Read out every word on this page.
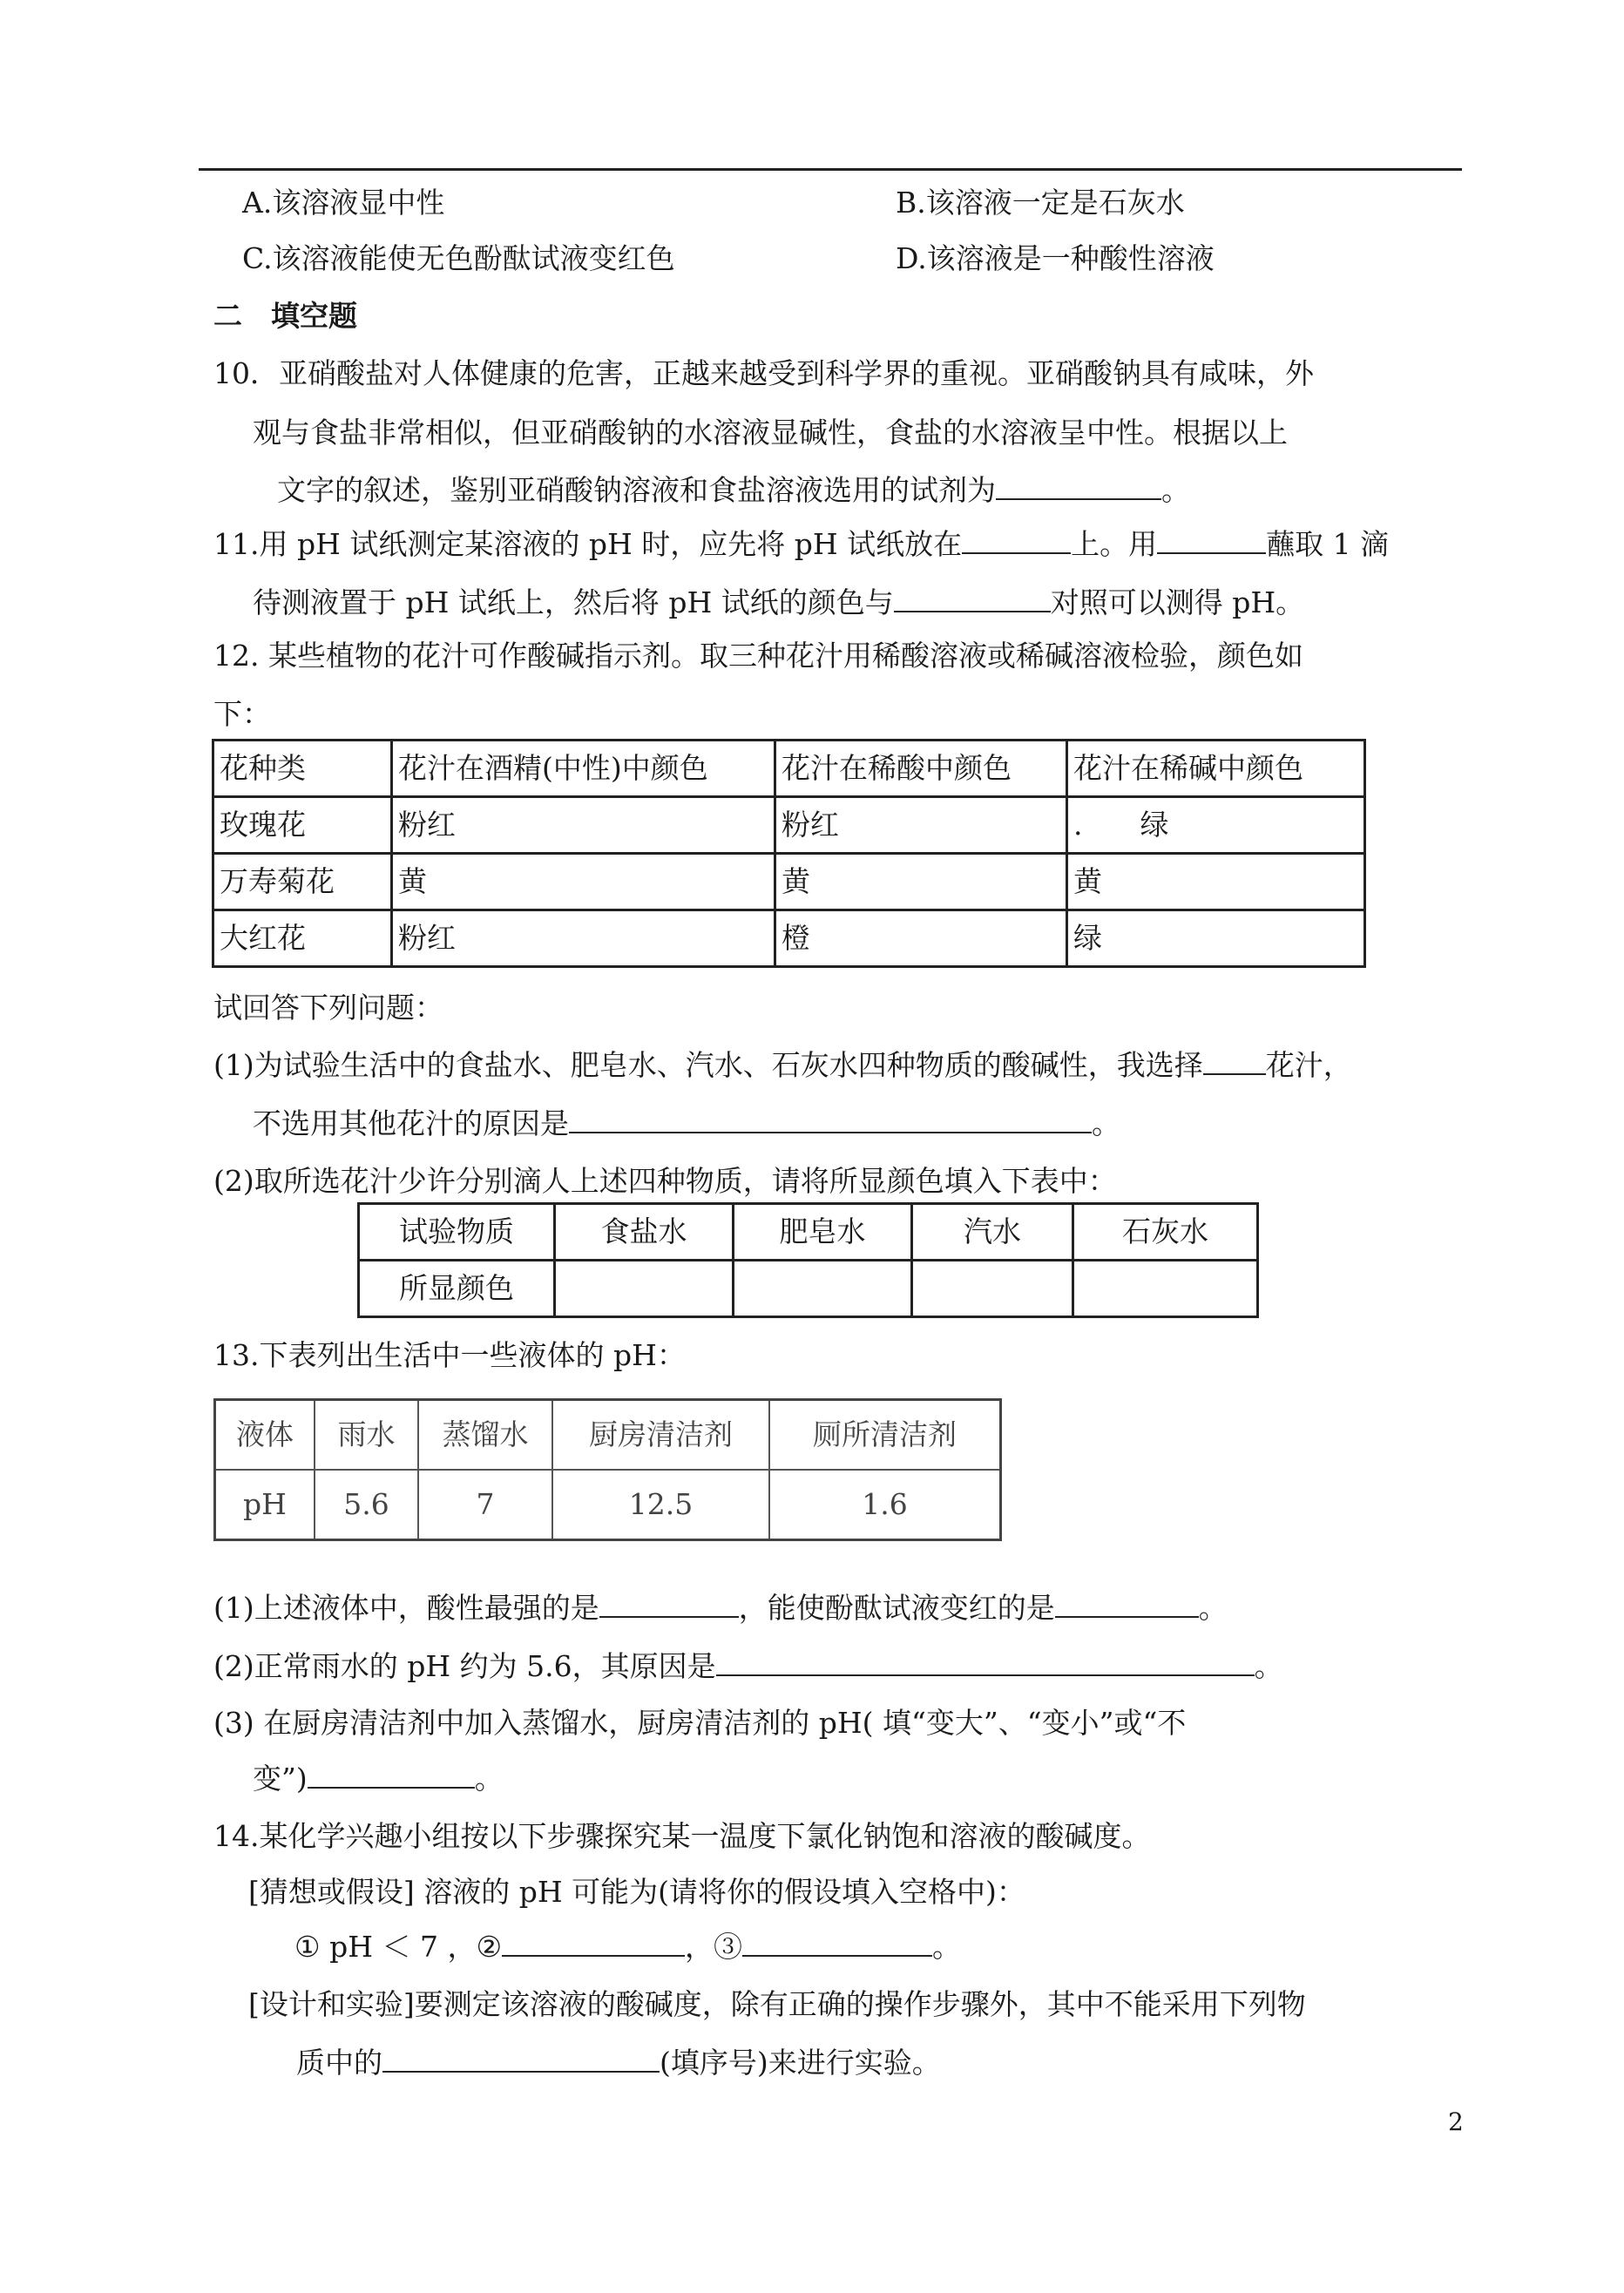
A.该溶液显中性	B.该溶液一定是石灰水
C.该溶液能使无色酚酞试液变红色	D.该溶液是一种酸性溶液
二　填空题
10．亚硝酸盐对人体健康的危害，正越来越受到科学界的重视。亚硝酸钠具有咸味，外
观与食盐非常相似，但亚硝酸钠的水溶液显碱性，食盐的水溶液呈中性。根据以上
文字的叙述，鉴别亚硝酸钠溶液和食盐溶液选用的试剂为	。
11.用 pH 试纸测定某溶液的 pH 时，应先将 pH 试纸放在	上。用	蘸取 1 滴
待测液置于 pH 试纸上，然后将 pH 试纸的颜色与	对照可以测得 pH。
12. 某些植物的花汁可作酸碱指示剂。取三种花汁用稀酸溶液或稀碱溶液检验，颜色如
下：
花种类	花汁在酒精(中性)中颜色	花汁在稀酸中颜色	花汁在稀碱中颜色
玫瑰花	粉红	粉红	.　　绿
万寿菊花	黄	黄	黄
大红花	粉红	橙	绿
试回答下列问题：
(1)为试验生活中的食盐水、肥皂水、汽水、石灰水四种物质的酸碱性，我选择 花汁，
不选用其他花汁的原因是	。
(2)取所选花汁少许分别滴人上述四种物质，请将所显颜色填入下表中：
试验物质	食盐水	肥皂水	汽水	石灰水
所显颜色				
13.下表列出生活中一些液体的 pH：
液体	雨水	蒸馏水	厨房清洁剂	厕所清洁剂
pH	5.6	7	12.5	1.6
(1)上述液体中，酸性最强的是	，能使酚酞试液变红的是	。
(2)正常雨水的 pH 约为 5.6，其原因是	。
(3) 在厨房清洁剂中加入蒸馏水，厨房清洁剂的 pH( 填“变大”、“变小”或“不
变”)	。
14.某化学兴趣小组按以下步骤探究某一温度下氯化钠饱和溶液的酸碱度。
[猜想或假设] 溶液的 pH 可能为(请将你的假设填入空格中)：
① pH ＜ 7 ，②	，③	。
[设计和实验]要测定该溶液的酸碱度，除有正确的操作步骤外，其中不能采用下列物
质中的	(填序号)来进行实验。
2
